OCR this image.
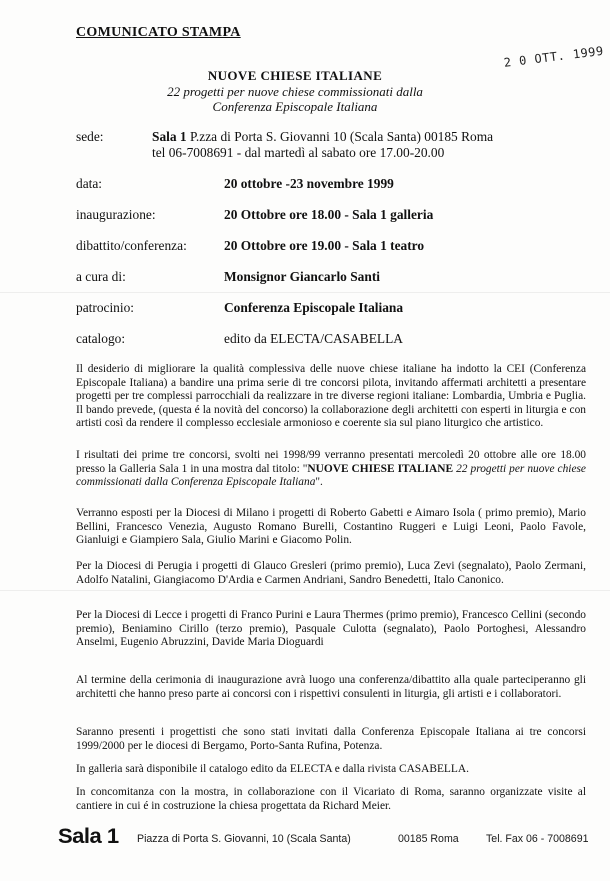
COMUNICATO STAMPA
2 0 OTT. 1999
NUOVE CHIESE ITALIANE
22 progetti per nuove chiese commissionati dalla
Conferenza Episcopale Italiana
sede:	Sala 1 P.zza di Porta S. Giovanni 10 (Scala Santa) 00185 Roma
tel 06-7008691 - dal martedì al sabato ore 17.00-20.00
data:	20 ottobre -23 novembre 1999
inaugurazione:	20 Ottobre ore 18.00 - Sala 1 galleria
dibattito/conferenza:	20 Ottobre ore 19.00 - Sala 1 teatro
a cura di:	Monsignor Giancarlo Santi
patrocinio:	Conferenza Episcopale Italiana
catalogo:	edito da ELECTA/CASABELLA

Il desiderio di migliorare la qualità complessiva delle nuove chiese italiane ha indotto la CEI (Conferenza Episcopale Italiana) a bandire una prima serie di tre concorsi pilota, invitando affermati architetti a presentare progetti per tre complessi parrocchiali da realizzare in tre diverse regioni italiane: Lombardia, Umbria e Puglia. Il bando prevede, (questa é la novità del concorso) la collaborazione degli architetti con esperti in liturgia e con artisti così da rendere il complesso ecclesiale armonioso e coerente sia sul piano liturgico che artistico.

I risultati dei prime tre concorsi, svolti nei 1998/99 verranno presentati mercoledì 20 ottobre alle ore 18.00 presso la Galleria Sala 1 in una mostra dal titolo: "NUOVE CHIESE ITALIANE 22 progetti per nuove chiese commissionati dalla Conferenza Episcopale Italiana".

Verranno esposti per la Diocesi di Milano i progetti di Roberto Gabetti e Aimaro Isola ( primo premio), Mario Bellini, Francesco Venezia, Augusto Romano Burelli, Costantino Ruggeri e Luigi Leoni, Paolo Favole, Gianluigi e Giampiero Sala, Giulio Marini e Giacomo Polin.

Per la Diocesi di Perugia i progetti di Glauco Gresleri (primo premio), Luca Zevi (segnalato), Paolo Zermani, Adolfo Natalini, Giangiacomo D'Ardia e Carmen Andriani, Sandro Benedetti, Italo Canonico.

Per la Diocesi di Lecce i progetti di Franco Purini e Laura Thermes (primo premio), Francesco Cellini (secondo premio), Beniamino Cirillo (terzo premio), Pasquale Culotta (segnalato), Paolo Portoghesi, Alessandro Anselmi, Eugenio Abruzzini, Davide Maria Dioguardi

Al termine della cerimonia di inaugurazione avrà luogo una conferenza/dibattito alla quale parteciperanno gli architetti che hanno preso parte ai concorsi con i rispettivi consulenti in liturgia, gli artisti e i collaboratori.

Saranno presenti i progettisti che sono stati invitati dalla Conferenza Episcopale Italiana ai tre concorsi 1999/2000 per le diocesi di Bergamo, Porto-Santa Rufina, Potenza.

In galleria sarà disponibile il catalogo edito da ELECTA e dalla rivista CASABELLA.

In concomitanza con la mostra, in collaborazione con il Vicariato di Roma, saranno organizzate visite al cantiere in cui é in costruzione la chiesa progettata da Richard Meier.

Sala 1 Piazza di Porta S. Giovanni, 10 (Scala Santa)	00185 Roma	Tel. Fax 06 - 7008691
